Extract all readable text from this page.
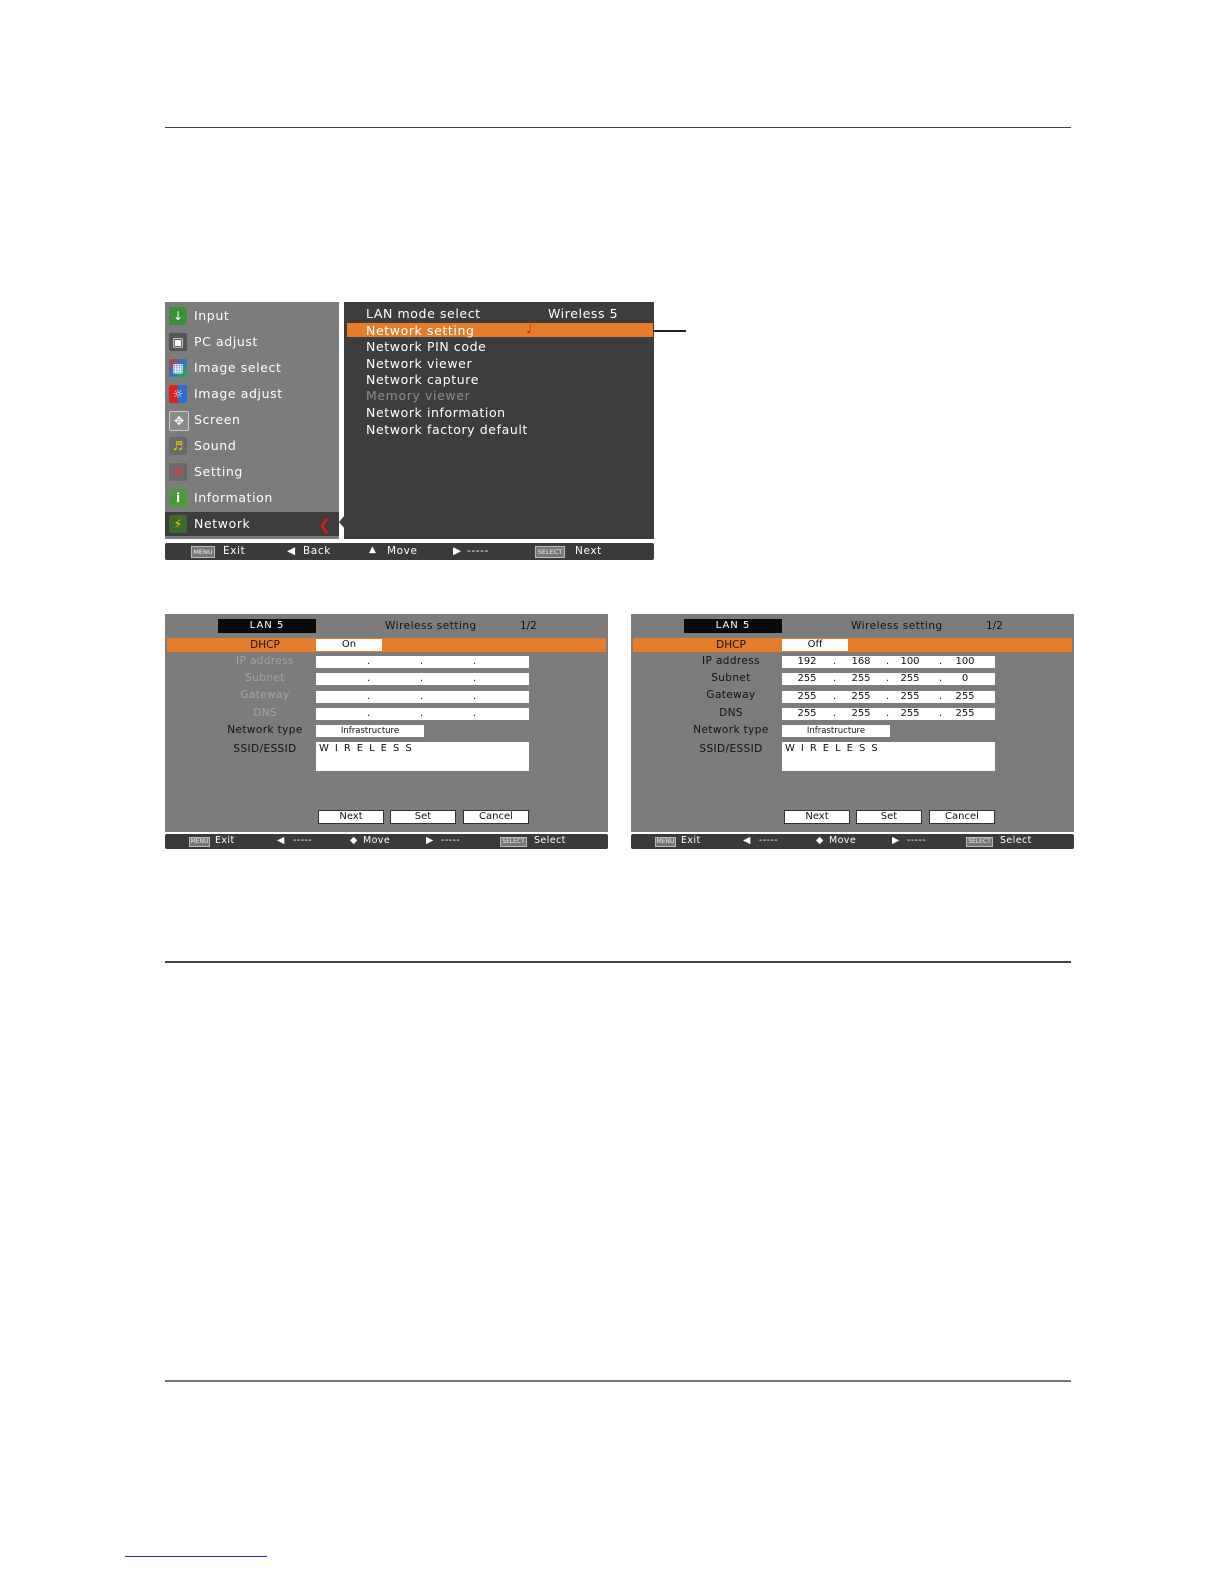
↓ Input
▣ PC adjust
▦ Image select
☼ Image adjust
✥ Screen
♬ Sound
⚒ Setting
i	Information
⚡ Network	❮
LAN mode select	Wireless 5
Network setting	♩
Network PIN code
Network viewer
Network capture
Memory viewer
Network information
Network factory default
MENU Exit	◀ Back	▲︎ Move	▶ -----	SELECT Next
LAN 5	Wireless setting	1/2
DHCP	On
IP address	.	.	.
Subnet	.	.	.
Gateway	.	.	.
DNS	.	.	.
Network type	Infrastructure
SSID/ESSID	WIRELESS
Next	Set	Cancel
MENU Exit	◀ -----	◆ Move	▶ -----	SELECT Select
LAN 5	Wireless setting	1/2
DHCP	Off
IP address	192	.	168	.	100	.	100
Subnet	255	.	255	.	255	.	0
Gateway	255	.	255	.	255	.	255
DNS	255	.	255	.	255	.	255
Network type	Infrastructure
SSID/ESSID	WIRELESS
Next	Set	Cancel
MENU Exit	◀ -----	◆ Move	▶ -----	SELECT Select
